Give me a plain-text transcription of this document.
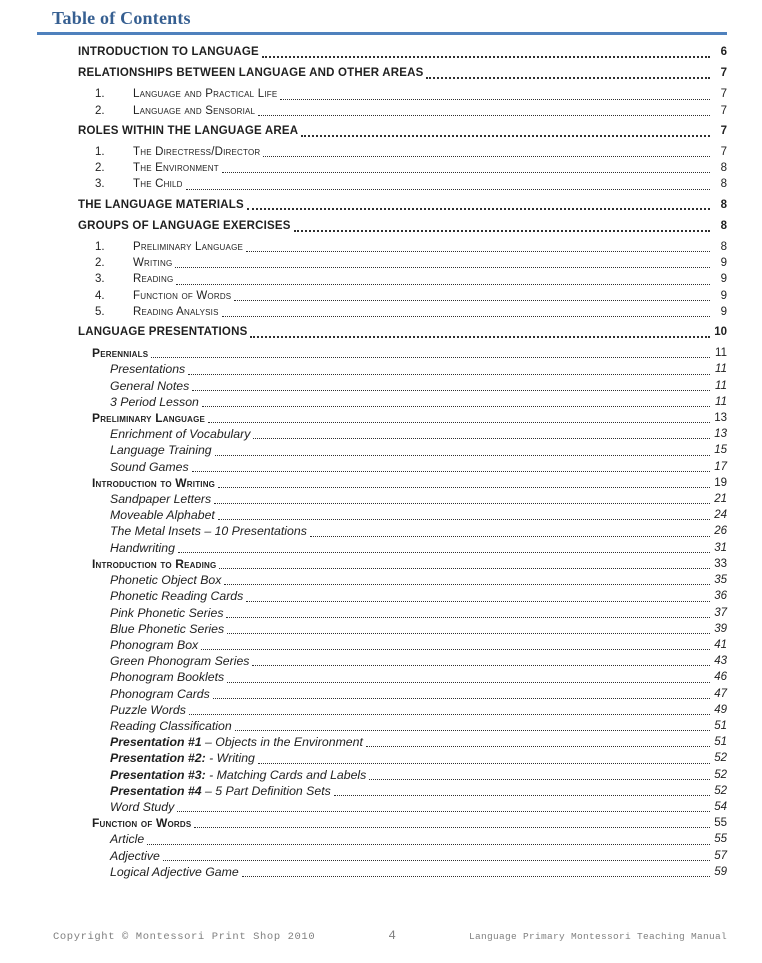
Table of Contents
INTRODUCTION TO LANGUAGE	6
RELATIONSHIPS BETWEEN LANGUAGE AND OTHER AREAS	7
1.	Language and Practical Life	7
2.	Language and Sensorial	7
ROLES WITHIN THE LANGUAGE AREA	7
1.	The Directress/Director	7
2.	The Environment	8
3.	The Child	8
THE LANGUAGE MATERIALS	8
GROUPS OF LANGUAGE EXERCISES	8
1.	Preliminary Language	8
2.	Writing	9
3.	Reading	9
4.	Function of Words	9
5.	Reading Analysis	9
LANGUAGE PRESENTATIONS	10
Perennials	11
Presentations	11
General Notes	11
3 Period Lesson	11
Preliminary Language	13
Enrichment of Vocabulary	13
Language Training	15
Sound Games	17
Introduction to Writing	19
Sandpaper Letters	21
Moveable Alphabet	24
The Metal Insets – 10 Presentations	26
Handwriting	31
Introduction to Reading	33
Phonetic Object Box	35
Phonetic Reading Cards	36
Pink Phonetic Series	37
Blue Phonetic Series	39
Phonogram Box	41
Green Phonogram Series	43
Phonogram Booklets	46
Phonogram Cards	47
Puzzle Words	49
Reading Classification	51
Presentation #1 – Objects in the Environment	51
Presentation #2: - Writing	52
Presentation #3: - Matching Cards and Labels	52
Presentation #4 – 5 Part Definition Sets	52
Word Study	54
Function of Words	55
Article	55
Adjective	57
Logical Adjective Game	59
Copyright © Montessori Print Shop 2010	4	Language Primary Montessori Teaching Manual
